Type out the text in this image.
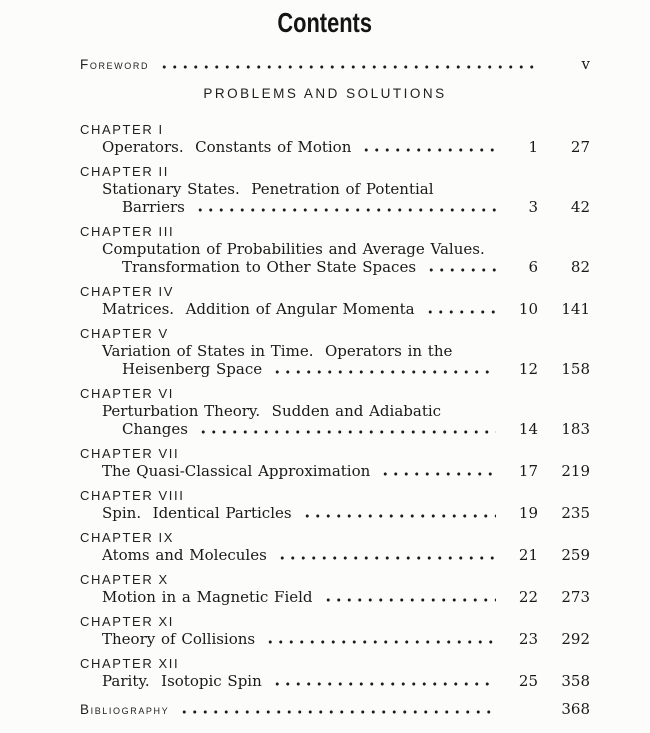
Contents
Foreword	v
PROBLEMS AND SOLUTIONS
CHAPTER I
Operators.  Constants of Motion	1	27
CHAPTER II
Stationary States.  Penetration of Potential
Barriers	3	42
CHAPTER III
Computation of Probabilities and Average Values.
Transformation to Other State Spaces	6	82
CHAPTER IV
Matrices.  Addition of Angular Momenta	10	141
CHAPTER V
Variation of States in Time.  Operators in the
Heisenberg Space	12	158
CHAPTER VI
Perturbation Theory.  Sudden and Adiabatic
Changes	14	183
CHAPTER VII
The Quasi-Classical Approximation	17	219
CHAPTER VIII
Spin.  Identical Particles	19	235
CHAPTER IX
Atoms and Molecules	21	259
CHAPTER X
Motion in a Magnetic Field	22	273
CHAPTER XI
Theory of Collisions	23	292
CHAPTER XII
Parity.  Isotopic Spin	25	358
Bibliography	368
